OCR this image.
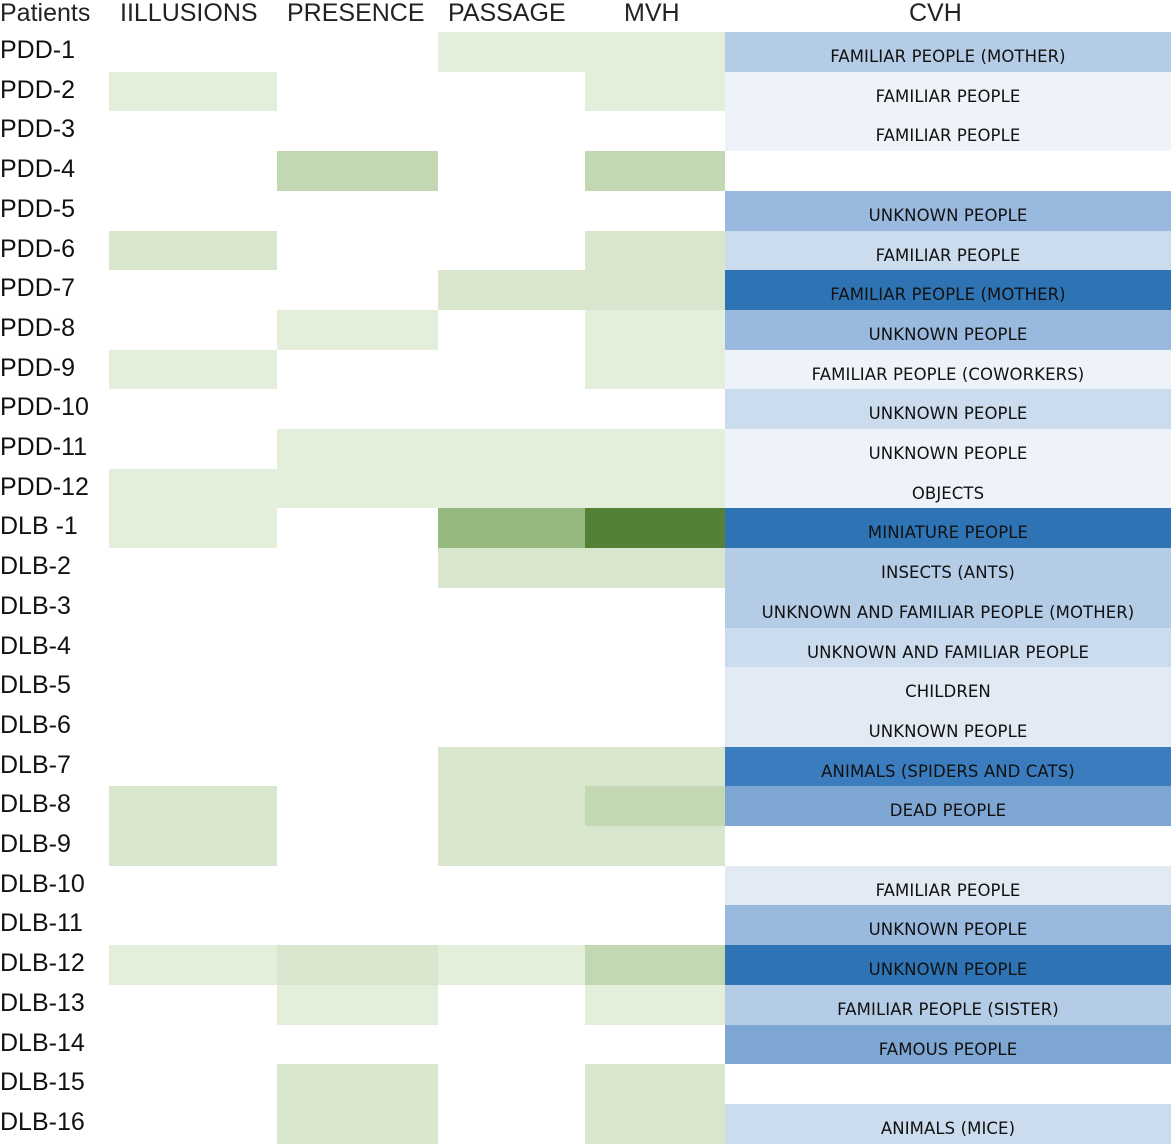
Patients IILLUSIONS PRESENCE PASSAGE MVH	CVH
PDD-1	FAMILIAR PEOPLE (MOTHER)
PDD-2	FAMILIAR PEOPLE
PDD-3	FAMILIAR PEOPLE
PDD-4
PDD-5	UNKNOWN PEOPLE
PDD-6	FAMILIAR PEOPLE
PDD-7	FAMILIAR PEOPLE (MOTHER)
PDD-8	UNKNOWN PEOPLE
PDD-9	FAMILIAR PEOPLE (COWORKERS)
PDD-10	UNKNOWN PEOPLE
PDD-11	UNKNOWN PEOPLE
PDD-12	OBJECTS
DLB -1	MINIATURE PEOPLE
DLB-2	INSECTS (ANTS)
DLB-3	UNKNOWN AND FAMILIAR PEOPLE (MOTHER)
DLB-4	UNKNOWN AND FAMILIAR PEOPLE
DLB-5	CHILDREN
DLB-6	UNKNOWN PEOPLE
DLB-7	ANIMALS (SPIDERS AND CATS)
DLB-8	DEAD PEOPLE
DLB-9
DLB-10	FAMILIAR PEOPLE
DLB-11	UNKNOWN PEOPLE
DLB-12	UNKNOWN PEOPLE
DLB-13	FAMILIAR PEOPLE (SISTER)
DLB-14	FAMOUS PEOPLE
DLB-15
DLB-16	ANIMALS (MICE)
